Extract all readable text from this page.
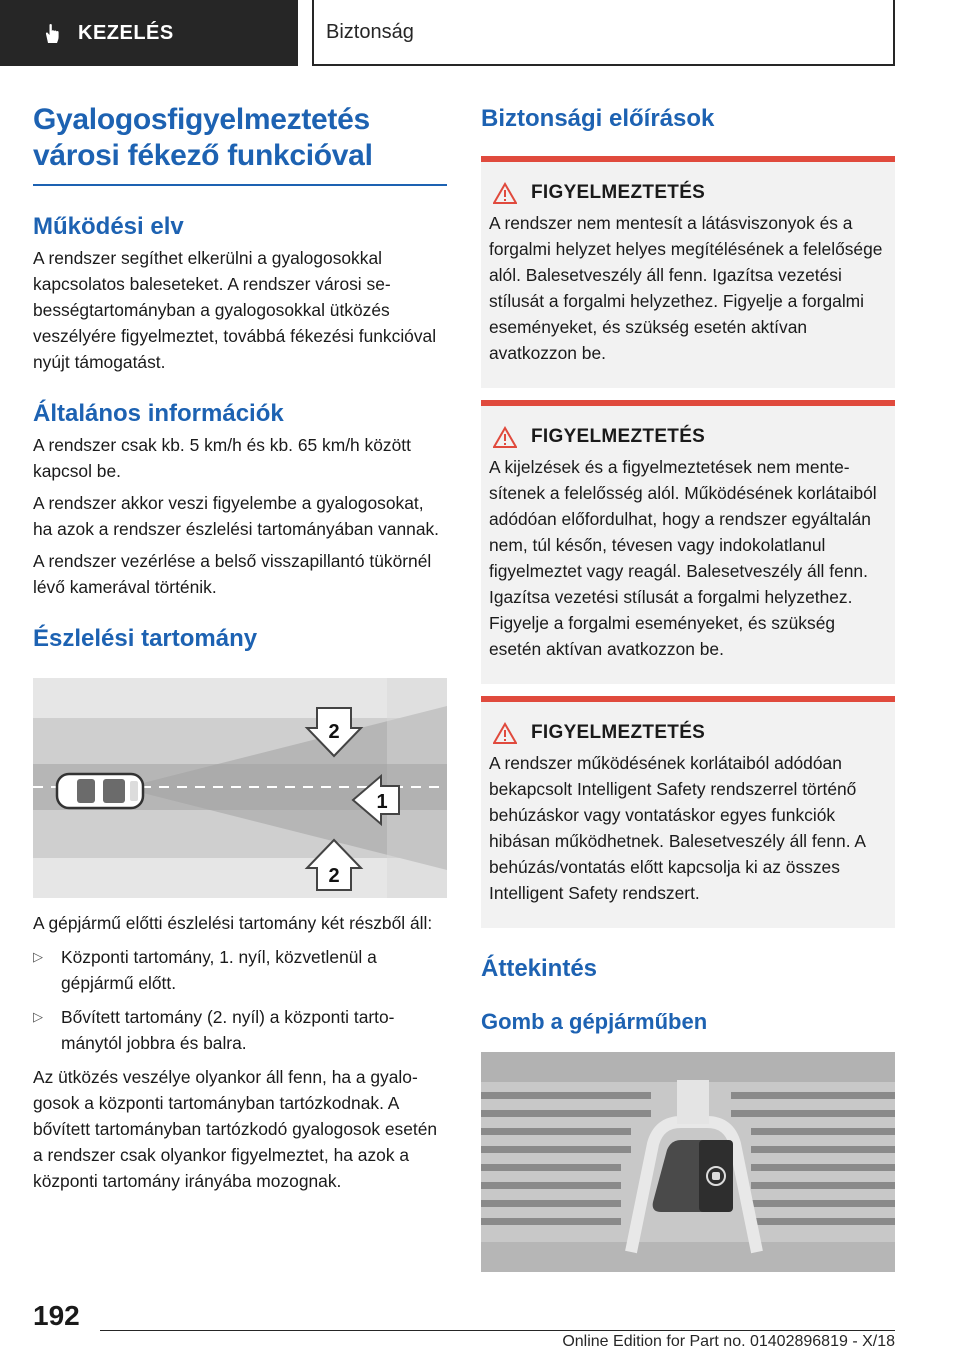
KEZELÉS	Biztonság
Gyalogosfigyelmeztetés
városi fékező funkcióval
Működési elv

A rendszer segíthet elkerülni a gyalogosokkal kapcsolatos baleseteket. A rendszer városi sebességtartományban a gyalogosokkal ütközés veszélyére figyelmeztet, továbbá fékezési funkcióval nyújt támogatást.

Általános információk

A rendszer csak kb. 5 km/h és kb. 65 km/h között kapcsol be.

A rendszer akkor veszi figyelembe a gyalogosokat, ha azok a rendszer észlelési tartományában vannak.

A rendszer vezérlése a belső visszapillantó tükörnél lévő kamerával történik.

Észlelési tartomány
2
1
2

A gépjármű előtti észlelési tartomány két részből áll:

▷	Központi tartomány, 1. nyíl, közvetlenül a gépjármű előtt.
▷	Bővített tartomány (2. nyíl) a központi tartománytól jobbra és balra.

Az ütközés veszélye olyankor áll fenn, ha a gyalogosok a központi tartományban tartózkodnak. A bővített tartományban tartózkodó gyalogosok esetén a rendszer csak olyankor figyelmeztet, ha azok a központi tartomány irányába mozognak.

Biztonsági előírások
FIGYELMEZTETÉS

A rendszer nem mentesít a látásviszonyok és a forgalmi helyzet helyes megítélésének a felelősége alól. Balesetveszély áll fenn. Igazítsa vezetési stílusát a forgalmi helyzethez. Figyelje a forgalmi eseményeket, és szükség esetén aktívan avatkozzon be.

FIGYELMEZTETÉS

A kijelzések és a figyelmeztetések nem mentesítenek a felelősség alól. Működésének korlátaiból adódóan előfordulhat, hogy a rendszer egyáltalán nem, túl későn, tévesen vagy indokolatlanul figyelmeztet vagy reagál. Balesetveszély áll fenn. Igazítsa vezetési stílusát a forgalmi helyzethez. Figyelje a forgalmi eseményeket, és szükség esetén aktívan avatkozzon be.

FIGYELMEZTETÉS

A rendszer működésének korlátaiból adódóan bekapcsolt Intelligent Safety rendszerrel történő behúzáskor vagy vontatáskor egyes funkciók hibásan működhetnek. Balesetveszély áll fenn. A behúzás/vontatás előtt kapcsolja ki az összes Intelligent Safety rendszert.

Áttekintés
Gomb a gépjárműben
192
Online Edition for Part no. 01402896819 - X/18
